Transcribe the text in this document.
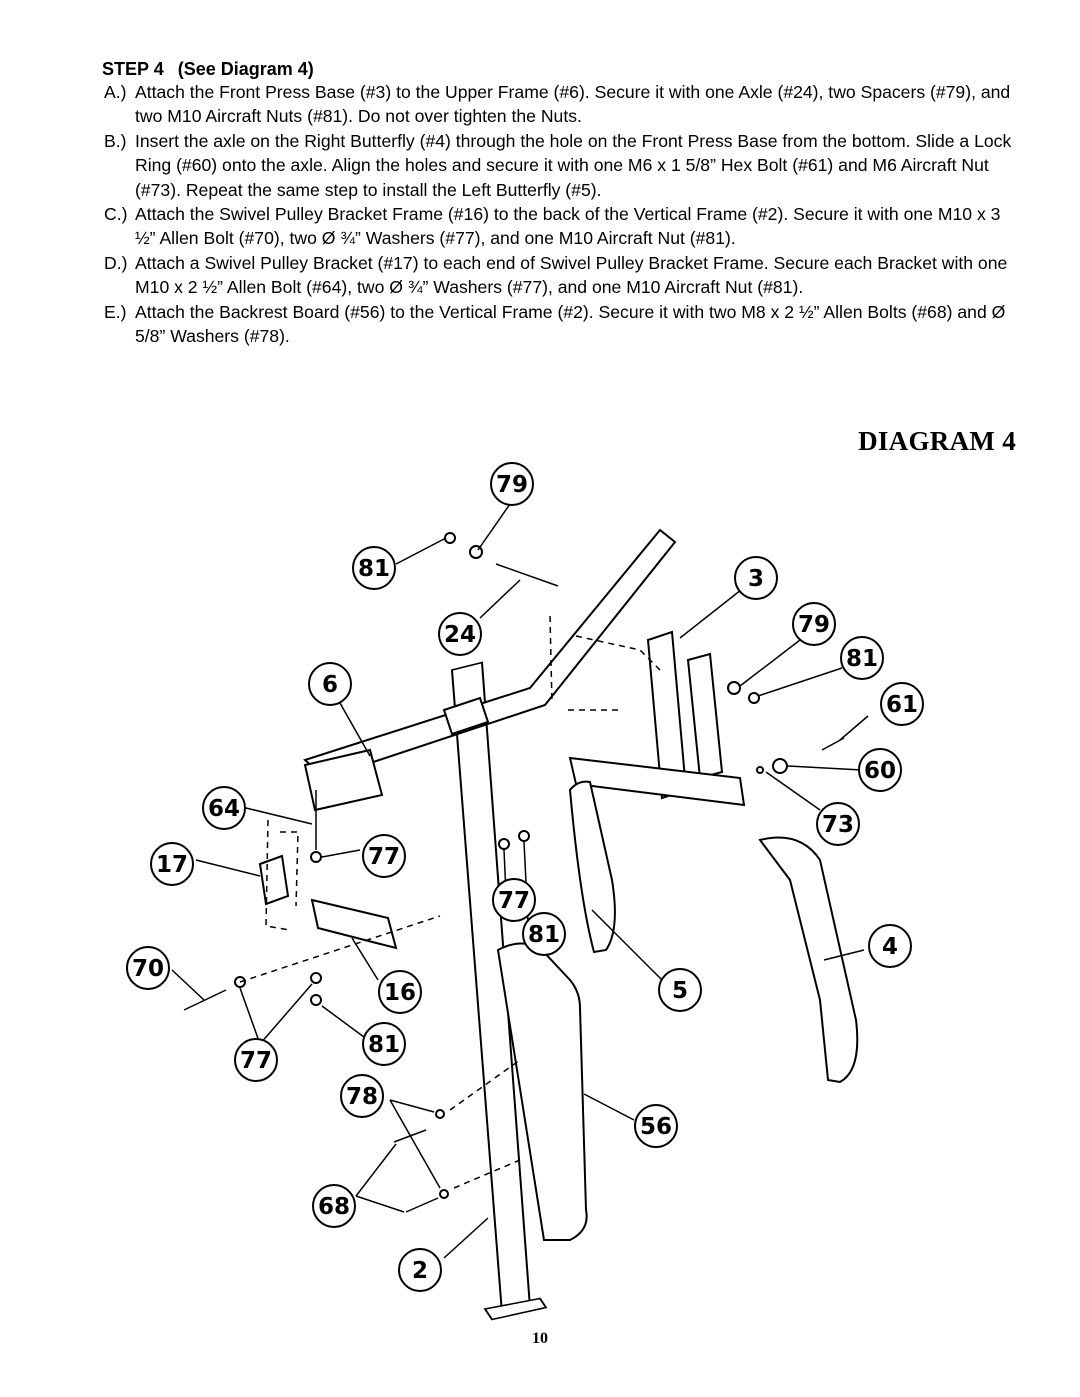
STEP 4 (See Diagram 4)
A.) Attach the Front Press Base (#3) to the Upper Frame (#6). Secure it with one Axle (#24), two Spacers (#79), and two M10 Aircraft Nuts (#81). Do not over tighten the Nuts.
B.) Insert the axle on the Right Butterfly (#4) through the hole on the Front Press Base from the bottom. Slide a Lock Ring (#60) onto the axle. Align the holes and secure it with one M6 x 1 5/8” Hex Bolt (#61) and M6 Aircraft Nut (#73). Repeat the same step to install the Left Butterfly (#5).
C.) Attach the Swivel Pulley Bracket Frame (#16) to the back of the Vertical Frame (#2). Secure it with one M10 x 3 ½” Allen Bolt (#70), two Ø ¾” Washers (#77), and one M10 Aircraft Nut (#81).
D.) Attach a Swivel Pulley Bracket (#17) to each end of Swivel Pulley Bracket Frame. Secure each Bracket with one M10 x 2 ½” Allen Bolt (#64), two Ø ¾” Washers (#77), and one M10 Aircraft Nut (#81).
E.) Attach the Backrest Board (#56) to the Vertical Frame (#2). Secure it with two M8 x 2 ½” Allen Bolts (#68) and Ø 5/8” Washers (#78).
DIAGRAM 4
79
81
24
3
79
81
6
61
60
64
73
17	77
77
81	4
70
16	5
77
81
78
56
68
2
10
